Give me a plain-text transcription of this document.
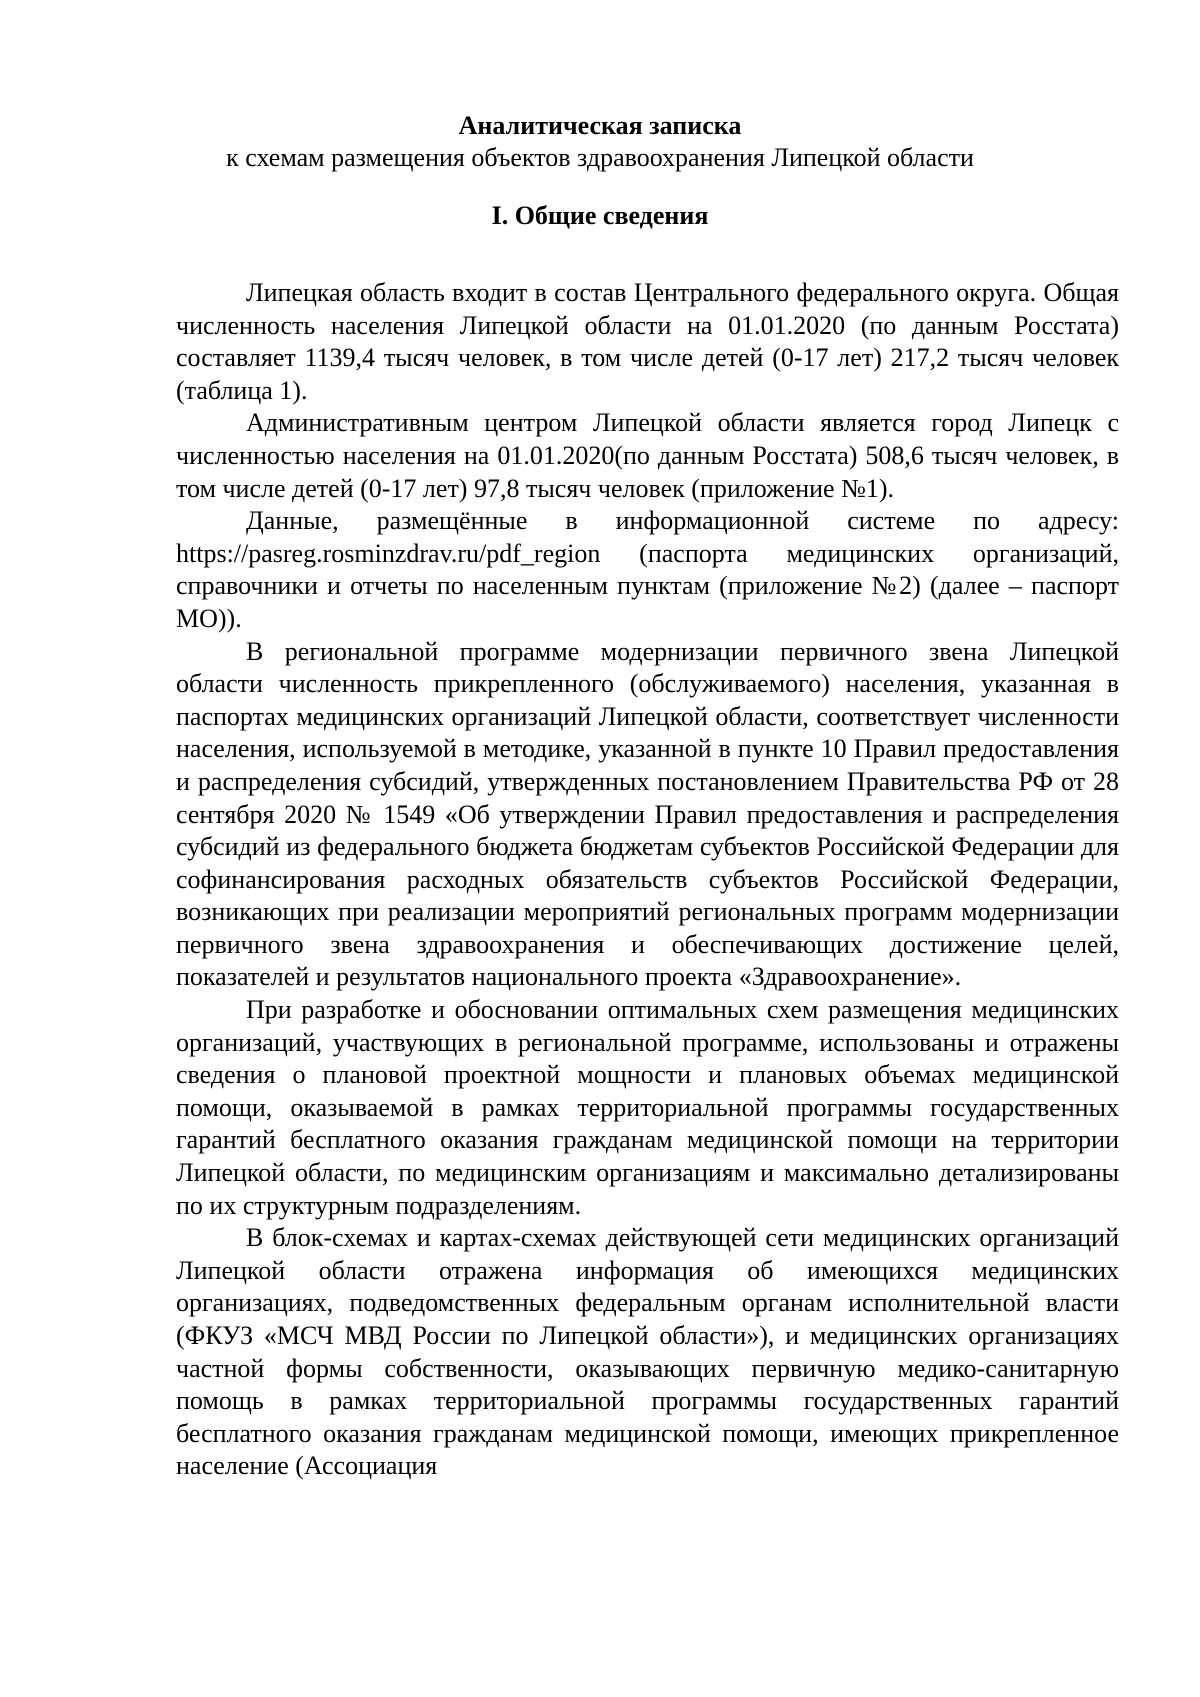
Аналитическая записка
к схемам размещения объектов здравоохранения Липецкой области
I. Общие сведения

Липецкая область входит в состав Центрального федерального округа. Общая численность населения Липецкой области на 01.01.2020 (по данным Росстата) составляет 1139,4 тысяч человек, в том числе детей (0-17 лет) 217,2 тысяч человек (таблица 1).

Административным центром Липецкой области является город Липецк с численностью населения на 01.01.2020(по данным Росстата) 508,6 тысяч человек, в том числе детей (0-17 лет) 97,8 тысяч человек (приложение №1).

Данные, размещённые в информационной системе по адресу: https://pasreg.rosminzdrav.ru/pdf_region (паспорта медицинских организаций, справочники и отчеты по населенным пунктам (приложение №2) (далее – паспорт МО)).

В региональной программе модернизации первичного звена Липецкой области численность прикрепленного (обслуживаемого) населения, указанная в паспортах медицинских организаций Липецкой области, соответствует численности населения, используемой в методике, указанной в пункте 10 Правил предоставления и распределения субсидий, утвержденных постановлением Правительства РФ от 28 сентября 2020 № 1549 «Об утверждении Правил предоставления и распределения субсидий из федерального бюджета бюджетам субъектов Российской Федерации для софинансирования расходных обязательств субъектов Российской Федерации, возникающих при реализации мероприятий региональных программ модернизации первичного звена здравоохранения и обеспечивающих достижение целей, показателей и результатов национального проекта «Здравоохранение».

При разработке и обосновании оптимальных схем размещения медицинских организаций, участвующих в региональной программе, использованы и отражены сведения о плановой проектной мощности и плановых объемах медицинской помощи, оказываемой в рамках территориальной программы государственных гарантий бесплатного оказания гражданам медицинской помощи на территории Липецкой области, по медицинским организациям и максимально детализированы по их структурным подразделениям.

В блок-схемах и картах-схемах действующей сети медицинских организаций Липецкой области отражена информация об имеющихся медицинских организациях, подведомственных федеральным органам исполнительной власти (ФКУЗ «МСЧ МВД России по Липецкой области»), и медицинских организациях частной формы собственности, оказывающих первичную медико-санитарную помощь в рамках территориальной программы государственных гарантий бесплатного оказания гражданам медицинской помощи, имеющих прикрепленное население (Ассоциация
